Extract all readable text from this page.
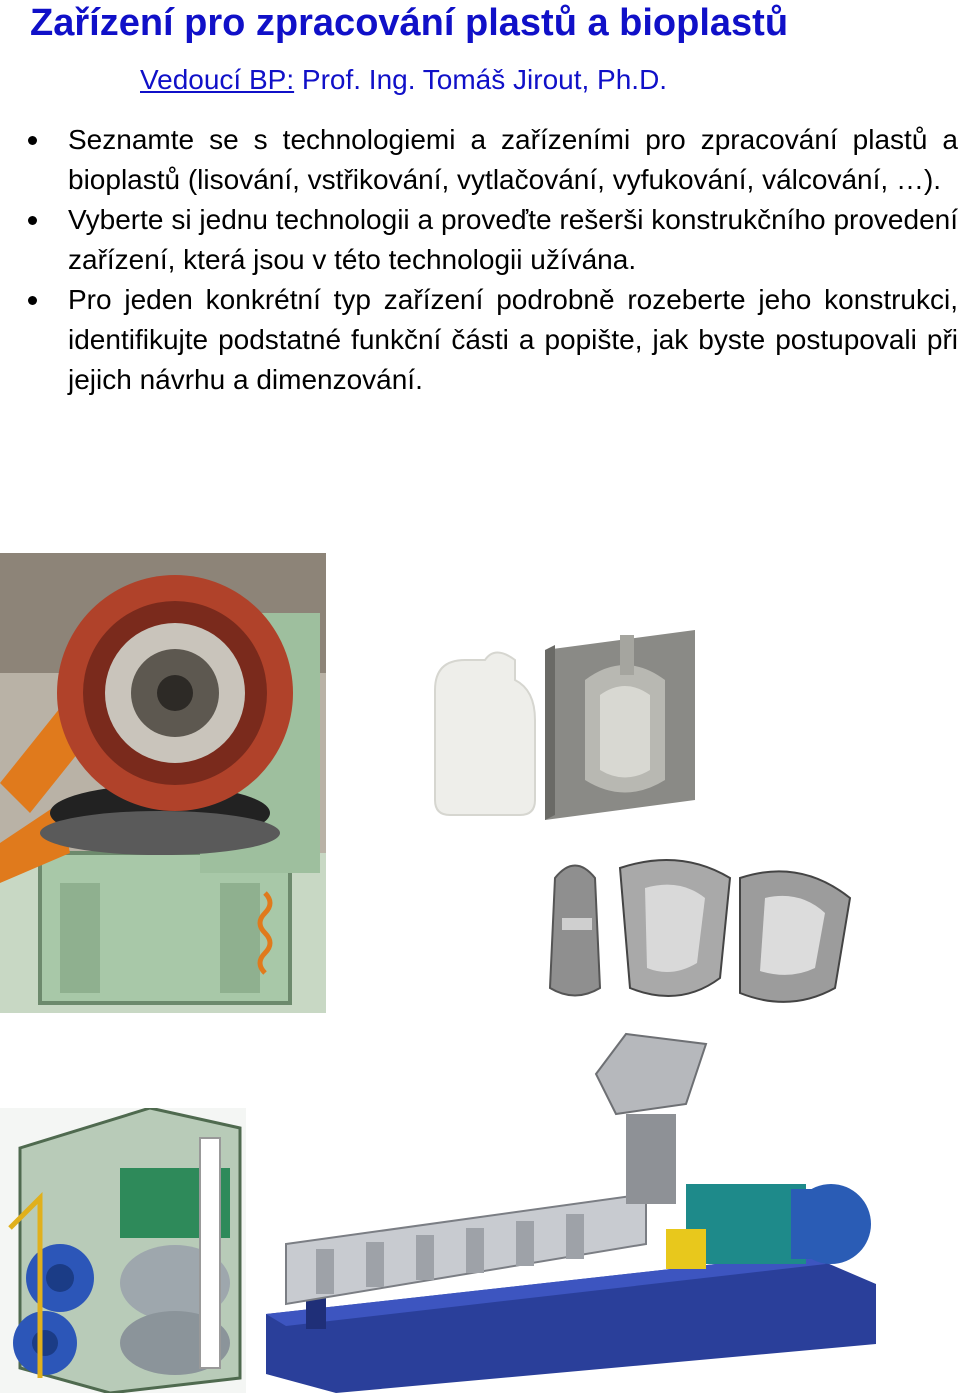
Zařízení pro zpracování plastů a bioplastů
Vedoucí BP: Prof. Ing. Tomáš Jirout, Ph.D.
Seznamte se s technologiemi a zařízeními pro zpracování plastů a bioplastů (lisování, vstřikování, vytlačování, vyfukování, válcování, …).
Vyberte si jednu technologii a proveďte rešerši konstrukčního provedení zařízení, která jsou v této technologii užívána.
Pro jeden konkrétní typ zařízení podrobně rozeberte jeho konstrukci, identifikujte podstatné funkční části a popište, jak byste postupovali při jejich návrhu a dimenzování.
